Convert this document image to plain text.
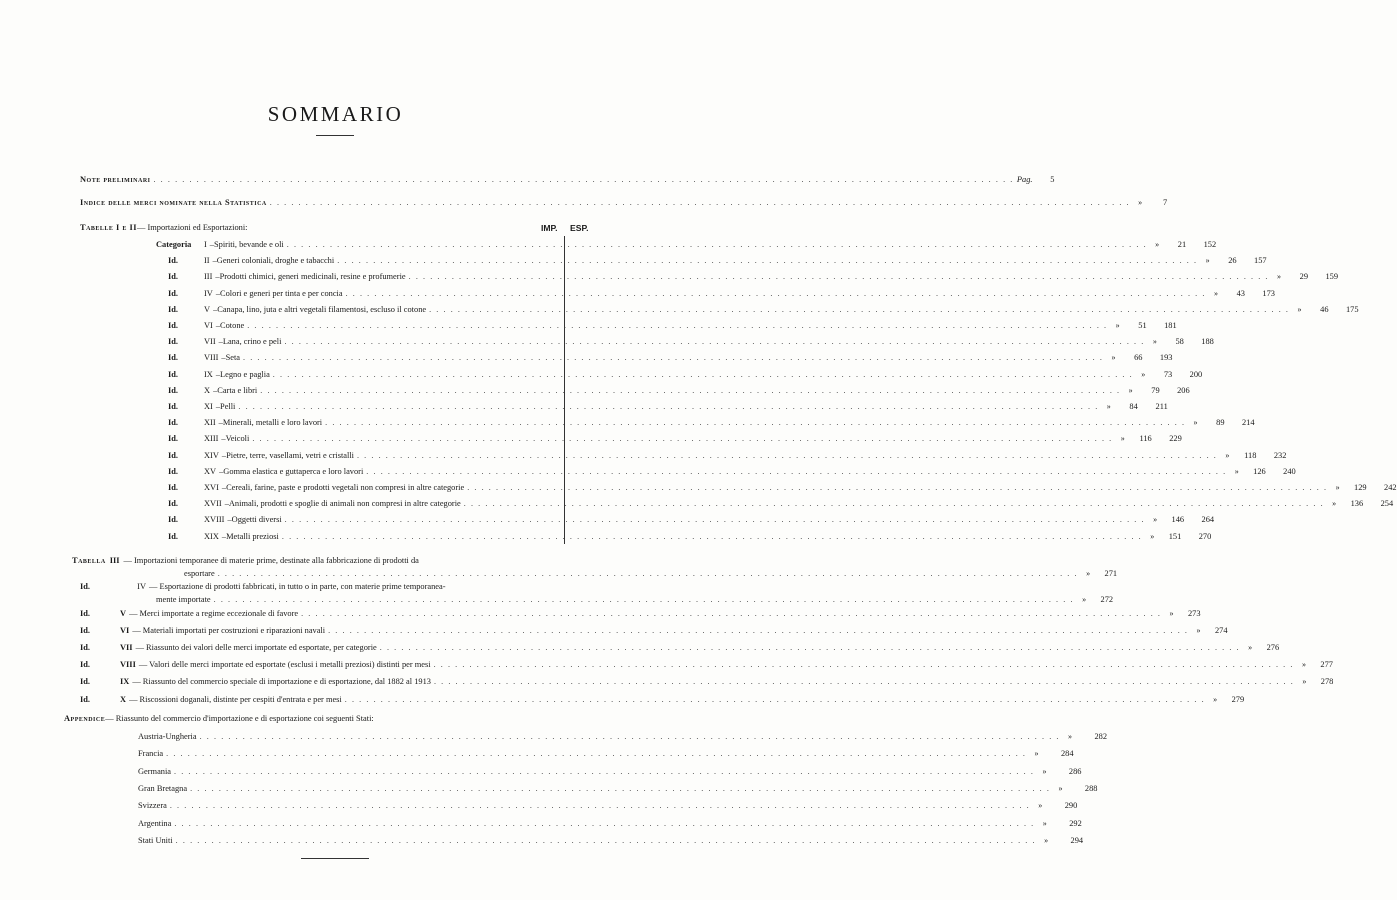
SOMMARIO
Note preliminari . . . . . . . . . . . . . . . . . . . . . . . . . . . . . . . . . . . . . . . . . . . . . . . . . . . . . . . . . . . . . . . . . . . . . . . . . . . . . . . . . . . . . . . . . . . . . . . . . . . . . . . . . . . . . . . . . . . . . . . . Pag.	5
Indice delle merci nominate nella Statistica . . . . . . . . . . . . . . . . . . . . . . . . . . . . . . . . . . . . . . . . . . . . . . . . . . . . . . . . . . . . . . . . . . . . . . . . . . . . . . . . . . . . . . . . . . . . . . . . . . . . . . . . . . . . . . . . . . . . . . . .	»	7
Tabelle I e II — Importazioni ed Esportazioni:	IMP. ESP.
Categoria	I – Spiriti, bevande e oli . . . . . . . . . . . . . . . . . . . . . . . . . . . . . . . . . . . . . . . . . . . . . . . . . . . . . . . . . . . . . . . . . . . . . . . . . . . . . . . . . . . . . . . . . . . . . . . . . . . . . . . . . . . . . . . . . . . . . . . .	»	21	152
Id.	II – Generi coloniali, droghe e tabacchi . . . . . . . . . . . . . . . . . . . . . . . . . . . . . . . . . . . . . . . . . . . . . . . . . . . . . . . . . . . . . . . . . . . . . . . . . . . . . . . . . . . . . . . . . . . . . . . . . . . . . . . . . . . . . . . . . . . . . . . .	»	26	157
Id.	III – Prodotti chimici, generi medicinali, resine e profumerie . . . . . . . . . . . . . . . . . . . . . . . . . . . . . . . . . . . . . . . . . . . . . . . . . . . . . . . . . . . . . . . . . . . . . . . . . . . . . . . . . . . . . . . . . . . . . . . . . . . . . . . . . . . . . . . . . . . . . . . .	»	29	159
Id.	IV – Colori e generi per tinta e per concia . . . . . . . . . . . . . . . . . . . . . . . . . . . . . . . . . . . . . . . . . . . . . . . . . . . . . . . . . . . . . . . . . . . . . . . . . . . . . . . . . . . . . . . . . . . . . . . . . . . . . . . . . . . . . . . . . . . . . . . .	»	43	173
Id.	V – Canapa, lino, juta e altri vegetali filamentosi, escluso il cotone . . . . . . . . . . . . . . . . . . . . . . . . . . . . . . . . . . . . . . . . . . . . . . . . . . . . . . . . . . . . . . . . . . . . . . . . . . . . . . . . . . . . . . . . . . . . . . . . . . . . . . . . . . . . . . . . . . . . . . . .	»	46	175
Id.	VI – Cotone . . . . . . . . . . . . . . . . . . . . . . . . . . . . . . . . . . . . . . . . . . . . . . . . . . . . . . . . . . . . . . . . . . . . . . . . . . . . . . . . . . . . . . . . . . . . . . . . . . . . . . . . . . . . . . . . . . . . . . . .	»	51	181
Id.	VII – Lana, crino e peli . . . . . . . . . . . . . . . . . . . . . . . . . . . . . . . . . . . . . . . . . . . . . . . . . . . . . . . . . . . . . . . . . . . . . . . . . . . . . . . . . . . . . . . . . . . . . . . . . . . . . . . . . . . . . . . . . . . . . . . .	»	58	188
Id.	VIII – Seta . . . . . . . . . . . . . . . . . . . . . . . . . . . . . . . . . . . . . . . . . . . . . . . . . . . . . . . . . . . . . . . . . . . . . . . . . . . . . . . . . . . . . . . . . . . . . . . . . . . . . . . . . . . . . . . . . . . . . . . .	»	66	193
Id.	IX – Legno e paglia . . . . . . . . . . . . . . . . . . . . . . . . . . . . . . . . . . . . . . . . . . . . . . . . . . . . . . . . . . . . . . . . . . . . . . . . . . . . . . . . . . . . . . . . . . . . . . . . . . . . . . . . . . . . . . . . . . . . . . . .	»	73	200
Id.	X – Carta e libri . . . . . . . . . . . . . . . . . . . . . . . . . . . . . . . . . . . . . . . . . . . . . . . . . . . . . . . . . . . . . . . . . . . . . . . . . . . . . . . . . . . . . . . . . . . . . . . . . . . . . . . . . . . . . . . . . . . . . . . .	»	79	206
Id.	XI – Pelli . . . . . . . . . . . . . . . . . . . . . . . . . . . . . . . . . . . . . . . . . . . . . . . . . . . . . . . . . . . . . . . . . . . . . . . . . . . . . . . . . . . . . . . . . . . . . . . . . . . . . . . . . . . . . . . . . . . . . . . .	»	84	211
Id.	XII – Minerali, metalli e loro lavori . . . . . . . . . . . . . . . . . . . . . . . . . . . . . . . . . . . . . . . . . . . . . . . . . . . . . . . . . . . . . . . . . . . . . . . . . . . . . . . . . . . . . . . . . . . . . . . . . . . . . . . . . . . . . . . . . . . . . . . .	»	89	214
Id.	XIII – Veicoli . . . . . . . . . . . . . . . . . . . . . . . . . . . . . . . . . . . . . . . . . . . . . . . . . . . . . . . . . . . . . . . . . . . . . . . . . . . . . . . . . . . . . . . . . . . . . . . . . . . . . . . . . . . . . . . . . . . . . . . .	»	116	229
Id.	XIV – Pietre, terre, vasellami, vetri e cristalli . . . . . . . . . . . . . . . . . . . . . . . . . . . . . . . . . . . . . . . . . . . . . . . . . . . . . . . . . . . . . . . . . . . . . . . . . . . . . . . . . . . . . . . . . . . . . . . . . . . . . . . . . . . . . . . . . . . . . . . .	»	118	232
Id.	XV – Gomma elastica e guttaperca e loro lavori . . . . . . . . . . . . . . . . . . . . . . . . . . . . . . . . . . . . . . . . . . . . . . . . . . . . . . . . . . . . . . . . . . . . . . . . . . . . . . . . . . . . . . . . . . . . . . . . . . . . . . . . . . . . . . . . . . . . . . . .	»	126	240
Id.	XVI – Cereali, farine, paste e prodotti vegetali non compresi in altre categorie . . . . . . . . . . . . . . . . . . . . . . . . . . . . . . . . . . . . . . . . . . . . . . . . . . . . . . . . . . . . . . . . . . . . . . . . . . . . . . . . . . . . . . . . . . . . . . . . . . . . . . . . . . . . . . . . . . . . . . . .	»	129	242
Id.	XVII – Animali, prodotti e spoglie di animali non compresi in altre categorie . . . . . . . . . . . . . . . . . . . . . . . . . . . . . . . . . . . . . . . . . . . . . . . . . . . . . . . . . . . . . . . . . . . . . . . . . . . . . . . . . . . . . . . . . . . . . . . . . . . . . . . . . . . . . . . . . . . . . . . .	»	136	254
Id.	XVIII – Oggetti diversi . . . . . . . . . . . . . . . . . . . . . . . . . . . . . . . . . . . . . . . . . . . . . . . . . . . . . . . . . . . . . . . . . . . . . . . . . . . . . . . . . . . . . . . . . . . . . . . . . . . . . . . . . . . . . . . . . . . . . . . .	»	146	264
Id.	XIX – Metalli preziosi . . . . . . . . . . . . . . . . . . . . . . . . . . . . . . . . . . . . . . . . . . . . . . . . . . . . . . . . . . . . . . . . . . . . . . . . . . . . . . . . . . . . . . . . . . . . . . . . . . . . . . . . . . . . . . . . . . . . . . . .	»	151	270
Tabella III — Importazioni temporanee di materie prime, destinate alla fabbricazione di prodotti da
esportare . . . . . . . . . . . . . . . . . . . . . . . . . . . . . . . . . . . . . . . . . . . . . . . . . . . . . . . . . . . . . . . . . . . . . . . . . . . . . . . . . . . . . . . . . . . . . . . . . . . . . . . . . . . . . . . . . . . . . . . .	»	271
Id.	IV — Esportazione di prodotti fabbricati, in tutto o in parte, con materie prime temporanea-
mente importate . . . . . . . . . . . . . . . . . . . . . . . . . . . . . . . . . . . . . . . . . . . . . . . . . . . . . . . . . . . . . . . . . . . . . . . . . . . . . . . . . . . . . . . . . . . . . . . . . . . . . . . . . . . . . . . . . . . . . . . .	»	272
Id.	V — Merci importate a regime eccezionale di favore . . . . . . . . . . . . . . . . . . . . . . . . . . . . . . . . . . . . . . . . . . . . . . . . . . . . . . . . . . . . . . . . . . . . . . . . . . . . . . . . . . . . . . . . . . . . . . . . . . . . . . . . . . . . . . . . . . . . . . . .	»	273
Id.	VI — Materiali importati per costruzioni e riparazioni navali . . . . . . . . . . . . . . . . . . . . . . . . . . . . . . . . . . . . . . . . . . . . . . . . . . . . . . . . . . . . . . . . . . . . . . . . . . . . . . . . . . . . . . . . . . . . . . . . . . . . . . . . . . . . . . . . . . . . . . . .	»	274
Id.	VII — Riassunto dei valori delle merci importate ed esportate, per categorie . . . . . . . . . . . . . . . . . . . . . . . . . . . . . . . . . . . . . . . . . . . . . . . . . . . . . . . . . . . . . . . . . . . . . . . . . . . . . . . . . . . . . . . . . . . . . . . . . . . . . . . . . . . . . . . . . . . . . . . .	»	276
Id.	VIII — Valori delle merci importate ed esportate (esclusi i metalli preziosi) distinti per mesi . . . . . . . . . . . . . . . . . . . . . . . . . . . . . . . . . . . . . . . . . . . . . . . . . . . . . . . . . . . . . . . . . . . . . . . . . . . . . . . . . . . . . . . . . . . . . . . . . . . . . . . . . . . . . . . . . . . . . . . .	»	277
Id.	IX — Riassunto del commercio speciale di importazione e di esportazione, dal 1882 al 1913 . . . . . . . . . . . . . . . . . . . . . . . . . . . . . . . . . . . . . . . . . . . . . . . . . . . . . . . . . . . . . . . . . . . . . . . . . . . . . . . . . . . . . . . . . . . . . . . . . . . . . . . . . . . . . . . . . . . . . . . .	»	278
Id.	X — Riscossioni doganali, distinte per cespiti d'entrata e per mesi . . . . . . . . . . . . . . . . . . . . . . . . . . . . . . . . . . . . . . . . . . . . . . . . . . . . . . . . . . . . . . . . . . . . . . . . . . . . . . . . . . . . . . . . . . . . . . . . . . . . . . . . . . . . . . . . . . . . . . . .	»	279
Appendice — Riassunto del commercio d'importazione e di esportazione coi seguenti Stati:
Austria-Ungheria . . . . . . . . . . . . . . . . . . . . . . . . . . . . . . . . . . . . . . . . . . . . . . . . . . . . . . . . . . . . . . . . . . . . . . . . . . . . . . . . . . . . . . . . . . . . . . . . . . . . . . . . . . . . . . . . . . . . . . . .	»	282
Francia . . . . . . . . . . . . . . . . . . . . . . . . . . . . . . . . . . . . . . . . . . . . . . . . . . . . . . . . . . . . . . . . . . . . . . . . . . . . . . . . . . . . . . . . . . . . . . . . . . . . . . . . . . . . . . . . . . . . . . . .	»	284
Germania . . . . . . . . . . . . . . . . . . . . . . . . . . . . . . . . . . . . . . . . . . . . . . . . . . . . . . . . . . . . . . . . . . . . . . . . . . . . . . . . . . . . . . . . . . . . . . . . . . . . . . . . . . . . . . . . . . . . . . . .	»	286
Gran Bretagna . . . . . . . . . . . . . . . . . . . . . . . . . . . . . . . . . . . . . . . . . . . . . . . . . . . . . . . . . . . . . . . . . . . . . . . . . . . . . . . . . . . . . . . . . . . . . . . . . . . . . . . . . . . . . . . . . . . . . . . .	»	288
Svizzera . . . . . . . . . . . . . . . . . . . . . . . . . . . . . . . . . . . . . . . . . . . . . . . . . . . . . . . . . . . . . . . . . . . . . . . . . . . . . . . . . . . . . . . . . . . . . . . . . . . . . . . . . . . . . . . . . . . . . . . .	»	290
Argentina . . . . . . . . . . . . . . . . . . . . . . . . . . . . . . . . . . . . . . . . . . . . . . . . . . . . . . . . . . . . . . . . . . . . . . . . . . . . . . . . . . . . . . . . . . . . . . . . . . . . . . . . . . . . . . . . . . . . . . . .	»	292
Stati Uniti . . . . . . . . . . . . . . . . . . . . . . . . . . . . . . . . . . . . . . . . . . . . . . . . . . . . . . . . . . . . . . . . . . . . . . . . . . . . . . . . . . . . . . . . . . . . . . . . . . . . . . . . . . . . . . . . . . . . . . . .	»	294
